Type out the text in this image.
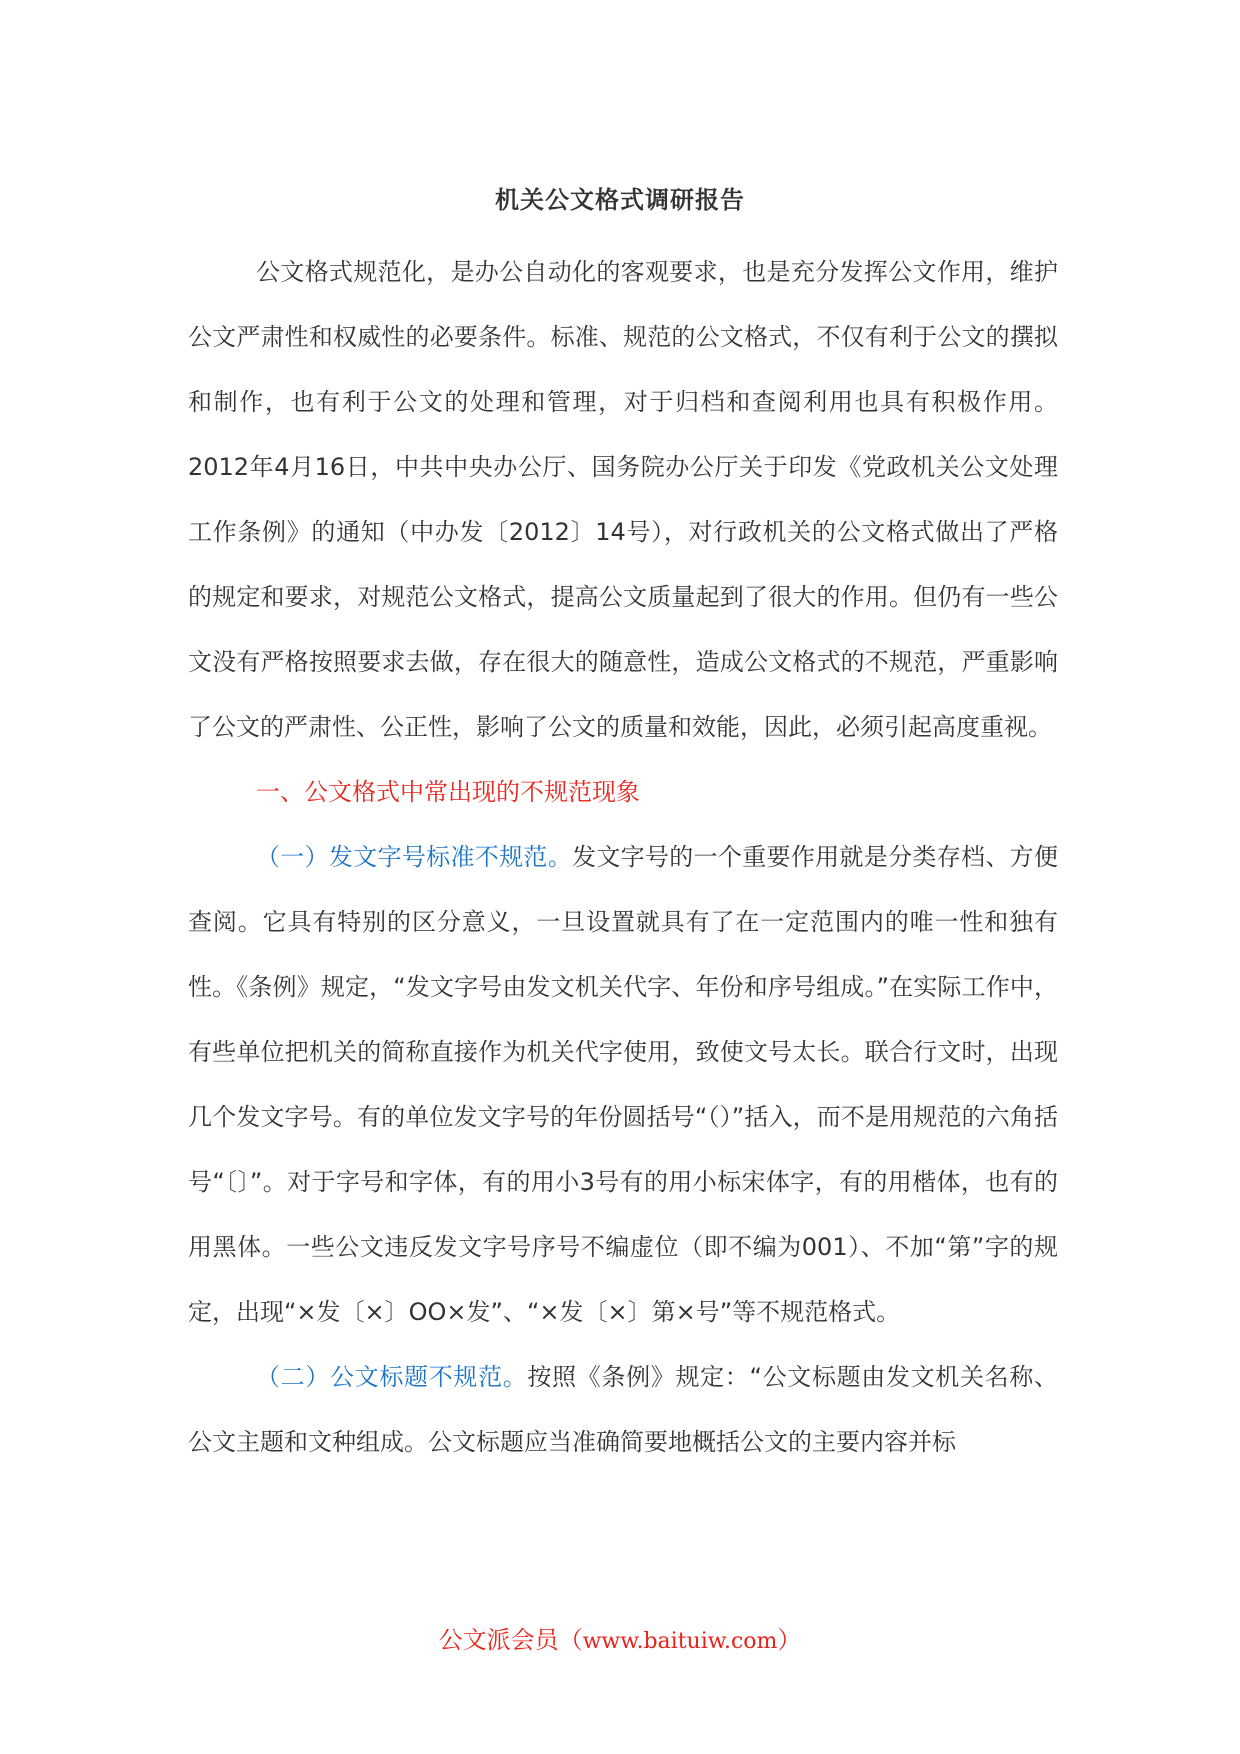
机关公文格式调研报告

公文格式规范化，是办公自动化的客观要求，也是充分发挥公文作用，维护公文严肃性和权威性的必要条件。标准、规范的公文格式，不仅有利于公文的撰拟和制作，也有利于公文的处理和管理，对于归档和查阅利用也具有积极作用。2012年4月16日，中共中央办公厅、国务院办公厅关于印发《党政机关公文处理工作条例》的通知（中办发〔2012〕14号），对行政机关的公文格式做出了严格的规定和要求，对规范公文格式，提高公文质量起到了很大的作用。但仍有一些公文没有严格按照要求去做，存在很大的随意性，造成公文格式的不规范，严重影响了公文的严肃性、公正性，影响了公文的质量和效能，因此，必须引起高度重视。

一、公文格式中常出现的不规范现象

（一）发文字号标准不规范。发文字号的一个重要作用就是分类存档、方便查阅。它具有特别的区分意义，一旦设置就具有了在一定范围内的唯一性和独有性。《条例》规定，“发文字号由发文机关代字、年份和序号组成。”在实际工作中，有些单位把机关的简称直接作为机关代字使用，致使文号太长。联合行文时，出现几个发文字号。有的单位发文字号的年份圆括号“（）”括入，而不是用规范的六角括号“〔〕”。对于字号和字体，有的用小3号有的用小标宋体字，有的用楷体，也有的用黑体。一些公文违反发文字号序号不编虚位（即不编为001）、不加“第”字的规定，出现“×发〔×〕OO×发”、“×发〔×〕第×号”等不规范格式。

（二）公文标题不规范。按照《条例》规定：“公文标题由发文机关名称、公文主题和文种组成。公文标题应当准确简要地概括公文的主要内容并标

公文派会员（www.baituiw.com）
